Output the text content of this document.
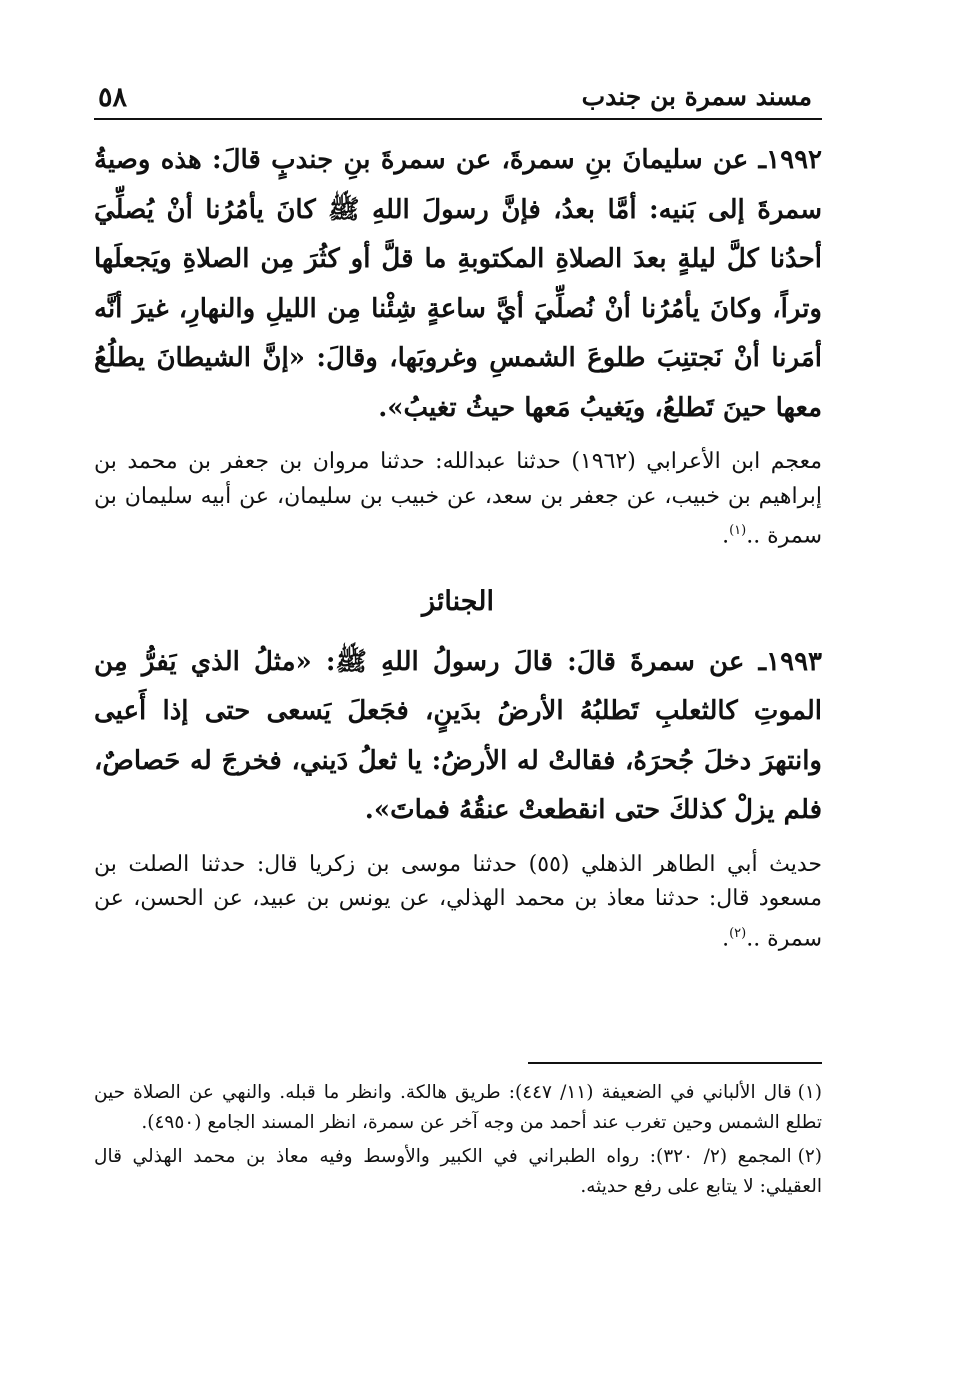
مسند سمرة بن جندب
٥٨

١٩٩٢ـ عن سليمانَ بنِ سمرةَ، عن سمرةَ بنِ جندبٍ قالَ: هذه وصيةُ سمرةَ إلى بَنيه: أمَّا بعدُ، فإنَّ رسولَ اللهِ ﷺ كانَ يأمُرُنا أنْ يُصلِّيَ أحدُنا كلَّ ليلةٍ بعدَ الصلاةِ المكتوبةِ ما قلَّ أو كثُرَ مِن الصلاةِ ويَجعلَها وتراً، وكانَ يأمُرُنا أنْ نُصلِّيَ أيَّ ساعةٍ شِئْنا مِن الليلِ والنهارِ، غيرَ أنَّه أمَرنا أنْ نَجتنِبَ طلوعَ الشمسِ وغروبَها، وقالَ: «إنَّ الشيطانَ يطلُعُ معها حينَ تَطلعُ، ويَغيبُ مَعها حيثُ تغيبُ».

معجم ابن الأعرابي (١٩٦٢) حدثنا عبدالله: حدثنا مروان بن جعفر بن محمد بن إبراهيم بن خبيب، عن جعفر بن سعد، عن خبيب بن سليمان، عن أبيه سليمان بن سمرة ..$^{(١)}$.

الجنائز

١٩٩٣ـ عن سمرةَ قالَ: قالَ رسولُ اللهِ ﷺ: «مثلُ الذي يَفرُّ مِن الموتِ كالثعلبِ تَطلبُهُ الأرضُ بدَينٍ، فجَعلَ يَسعى حتى إذا أَعيى وانتهرَ دخلَ جُحرَهُ، فقالتْ له الأرضُ: يا ثعلُ دَيني، فخرجَ له حَصاصٌ، فلم يزلْ كذلكَ حتى انقطعتْ عنقُهُ فماتَ».

حديث أبي الطاهر الذهلي (٥٥) حدثنا موسى بن زكريا قال: حدثنا الصلت بن مسعود قال: حدثنا معاذ بن محمد الهذلي، عن يونس بن عبيد، عن الحسن، عن سمرة ..$^{(٢)}$.

(١)قال الألباني في الضعيفة (١١/ ٤٤٧): طريق هالكة. وانظر ما قبله. والنهي عن الصلاة حين تطلع الشمس وحين تغرب عند أحمد من وجه آخر عن سمرة، انظر المسند الجامع (٤٩٥٠).

(٢)المجمع (٢/ ٣٢٠): رواه الطبراني في الكبير والأوسط وفيه معاذ بن محمد الهذلي قال العقيلي: لا يتابع على رفع حديثه.
